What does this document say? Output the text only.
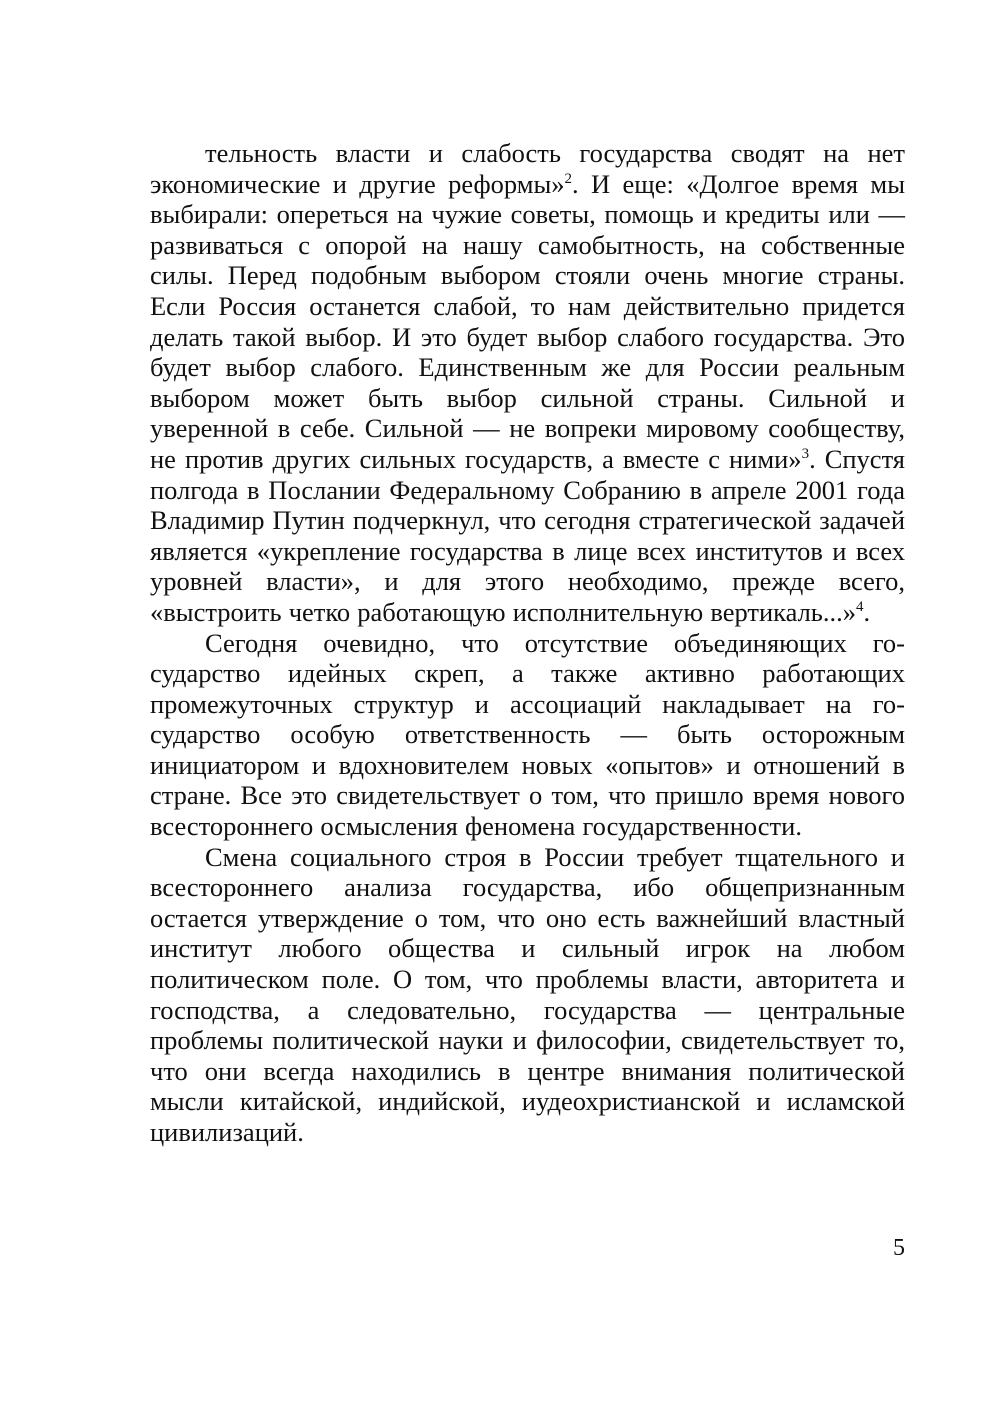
тельность власти и слабость государства сводят на нет экономические и другие реформы»$^2$. И еще: «Долгое время мы выбирали: опереться на чужие советы, помощь и кредиты или — развиваться с опорой на нашу самобытность, на собственные силы. Перед подобным выбором стояли очень многие страны. Если Россия останется слабой, то нам действительно придется делать такой выбор. И это будет выбор слабого государства. Это будет выбор слабого. Единственным же для России реальным выбором может быть выбор сильной страны. Сильной и уверенной в себе. Сильной — не вопреки мировому сообществу, не против других сильных государств, а вместе с ними»$^3$. Спустя полгода в Послании Федеральному Собранию в апреле 2001 года Владимир Путин подчеркнул, что сегодня стратегической задачей является «укрепление государства в лице всех институтов и всех уровней власти», и для этого необходимо, прежде всего, «выстроить четко работающую исполнительную вертикаль...»$^4$.

Сегодня очевидно, что отсутствие объединяющих государство идейных скреп, а также активно работающих промежуточных структур и ассоциаций накладывает на государство особую ответственность — быть осторожным инициатором и вдохновителем новых «опытов» и отношений в стране. Все это свидетельствует о том, что пришло время нового всестороннего осмысления феномена государственности.

Смена социального строя в России требует тщательного и всестороннего анализа государства, ибо общепризнанным остается утверждение о том, что оно есть важнейший властный институт любого общества и сильный игрок на любом политическом поле. О том, что проблемы власти, авторитета и господства, а следовательно, государства — центральные проблемы политической науки и философии, свидетельствует то, что они всегда находились в центре внимания политической мысли китайской, индийской, иудеохристианской и исламской цивилизаций.

5
